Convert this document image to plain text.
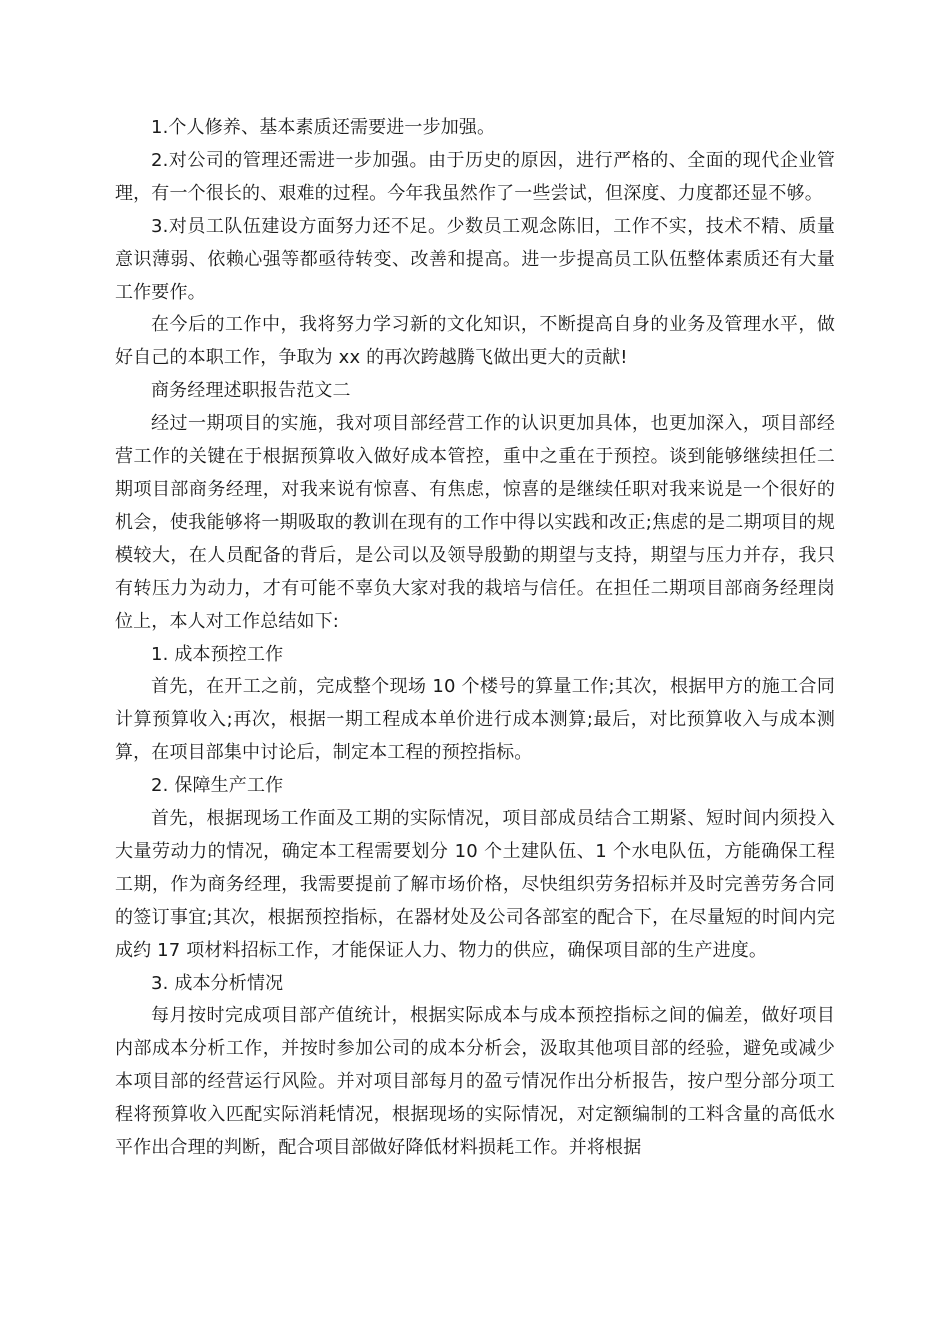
1.个人修养、基本素质还需要进一步加强。

2.对公司的管理还需进一步加强。由于历史的原因，进行严格的、全面的现代企业管理，有一个很长的、艰难的过程。今年我虽然作了一些尝试，但深度、力度都还显不够。

3.对员工队伍建设方面努力还不足。少数员工观念陈旧，工作不实，技术不精、质量意识薄弱、依赖心强等都亟待转变、改善和提高。进一步提高员工队伍整体素质还有大量工作要作。

在今后的工作中，我将努力学习新的文化知识，不断提高自身的业务及管理水平，做好自己的本职工作，争取为 xx 的再次跨越腾飞做出更大的贡献!

商务经理述职报告范文二

经过一期项目的实施，我对项目部经营工作的认识更加具体，也更加深入，项目部经营工作的关键在于根据预算收入做好成本管控，重中之重在于预控。谈到能够继续担任二期项目部商务经理，对我来说有惊喜、有焦虑，惊喜的是继续任职对我来说是一个很好的机会，使我能够将一期吸取的教训在现有的工作中得以实践和改正;焦虑的是二期项目的规模较大，在人员配备的背后，是公司以及领导殷勤的期望与支持，期望与压力并存，我只有转压力为动力，才有可能不辜负大家对我的栽培与信任。在担任二期项目部商务经理岗位上，本人对工作总结如下:

1. 成本预控工作

首先，在开工之前，完成整个现场 10 个楼号的算量工作;其次，根据甲方的施工合同计算预算收入;再次，根据一期工程成本单价进行成本测算;最后，对比预算收入与成本测算，在项目部集中讨论后，制定本工程的预控指标。

2. 保障生产工作

首先，根据现场工作面及工期的实际情况，项目部成员结合工期紧、短时间内须投入大量劳动力的情况，确定本工程需要划分 10 个土建队伍、1 个水电队伍，方能确保工程工期，作为商务经理，我需要提前了解市场价格，尽快组织劳务招标并及时完善劳务合同的签订事宜;其次，根据预控指标，在器材处及公司各部室的配合下，在尽量短的时间内完成约 17 项材料招标工作，才能保证人力、物力的供应，确保项目部的生产进度。

3. 成本分析情况

每月按时完成项目部产值统计，根据实际成本与成本预控指标之间的偏差，做好项目内部成本分析工作，并按时参加公司的成本分析会，汲取其他项目部的经验，避免或减少本项目部的经营运行风险。并对项目部每月的盈亏情况作出分析报告，按户型分部分项工程将预算收入匹配实际消耗情况，根据现场的实际情况，对定额编制的工料含量的高低水平作出合理的判断，配合项目部做好降低材料损耗工作。并将根据
